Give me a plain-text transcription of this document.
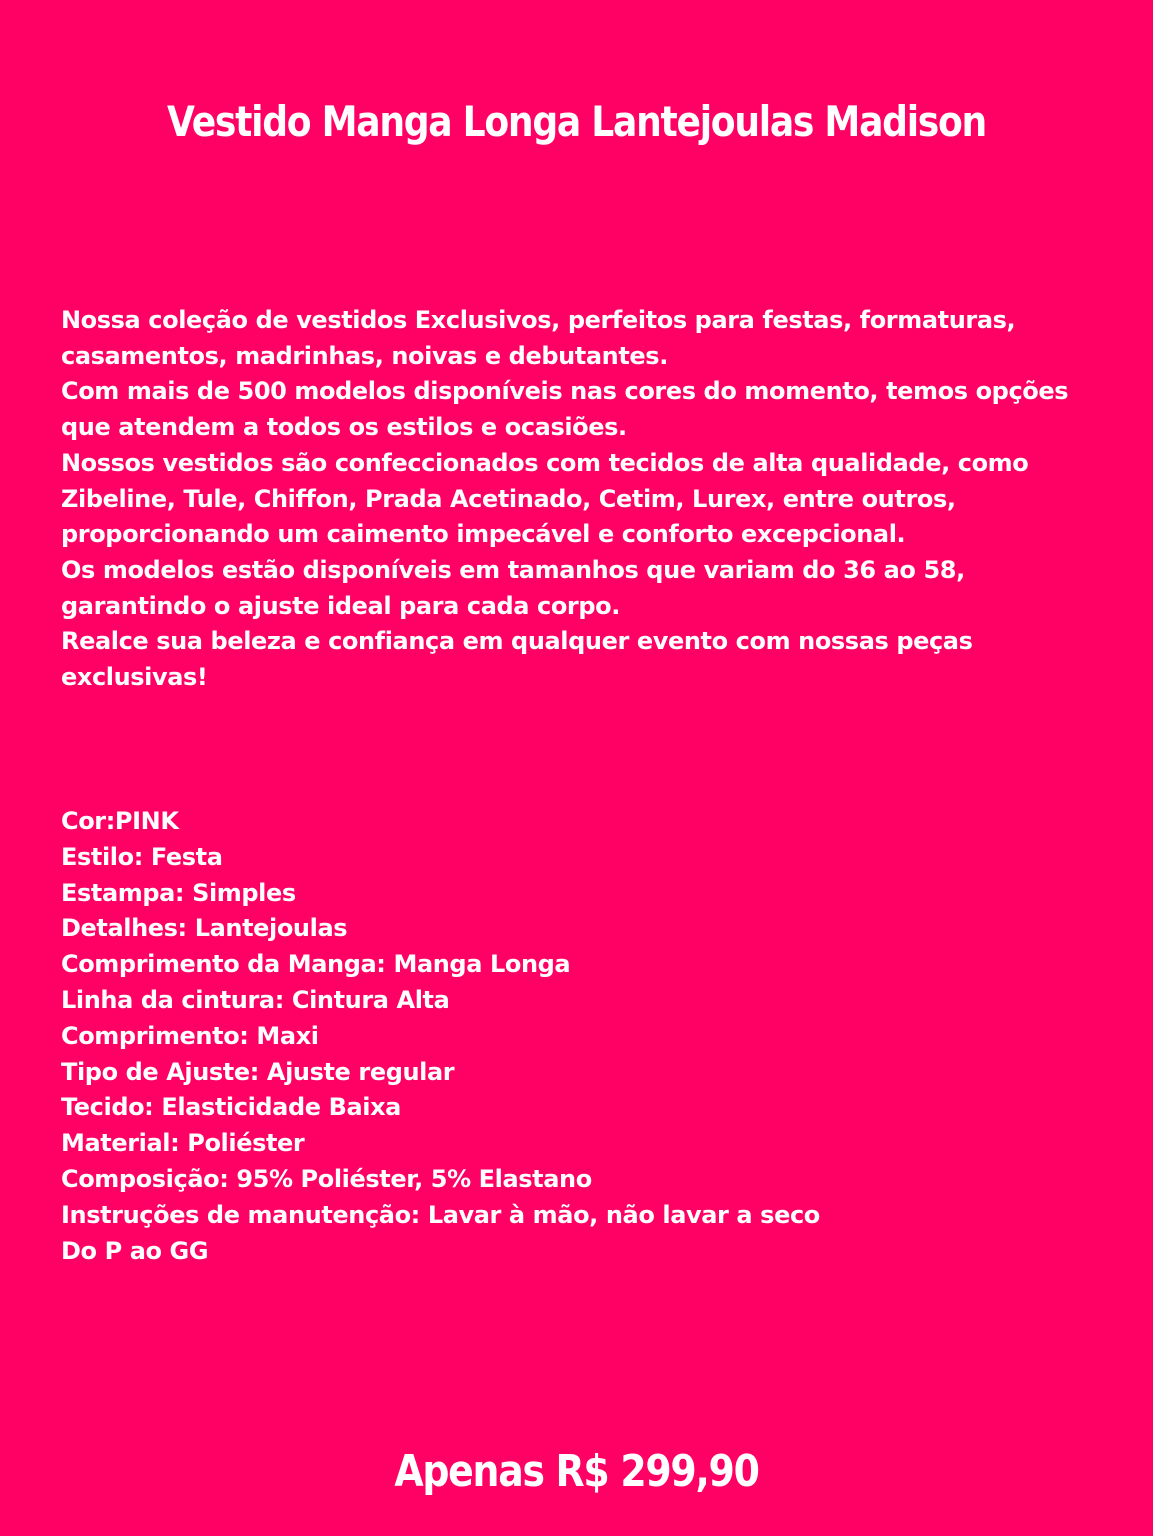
Vestido Manga Longa Lantejoulas Madison

Nossa coleção de vestidos Exclusivos, perfeitos para festas, formaturas, casamentos, madrinhas, noivas e debutantes.

Com mais de 500 modelos disponíveis nas cores do momento, temos opções que atendem a todos os estilos e ocasiões.

Nossos vestidos são confeccionados com tecidos de alta qualidade, como Zibeline, Tule, Chiffon, Prada Acetinado, Cetim, Lurex, entre outros, proporcionando um caimento impecável e conforto excepcional.

Os modelos estão disponíveis em tamanhos que variam do 36 ao 58, garantindo o ajuste ideal para cada corpo.

Realce sua beleza e confiança em qualquer evento com nossas peças exclusivas!

Cor:PINK
Estilo: Festa
Estampa: Simples
Detalhes: Lantejoulas
Comprimento da Manga: Manga Longa
Linha da cintura: Cintura Alta
Comprimento: Maxi
Tipo de Ajuste: Ajuste regular
Tecido: Elasticidade Baixa
Material: Poliéster
Composição: 95% Poliéster, 5% Elastano
Instruções de manutenção: Lavar à mão, não lavar a seco
Do P ao GG
Apenas R$ 299,90
